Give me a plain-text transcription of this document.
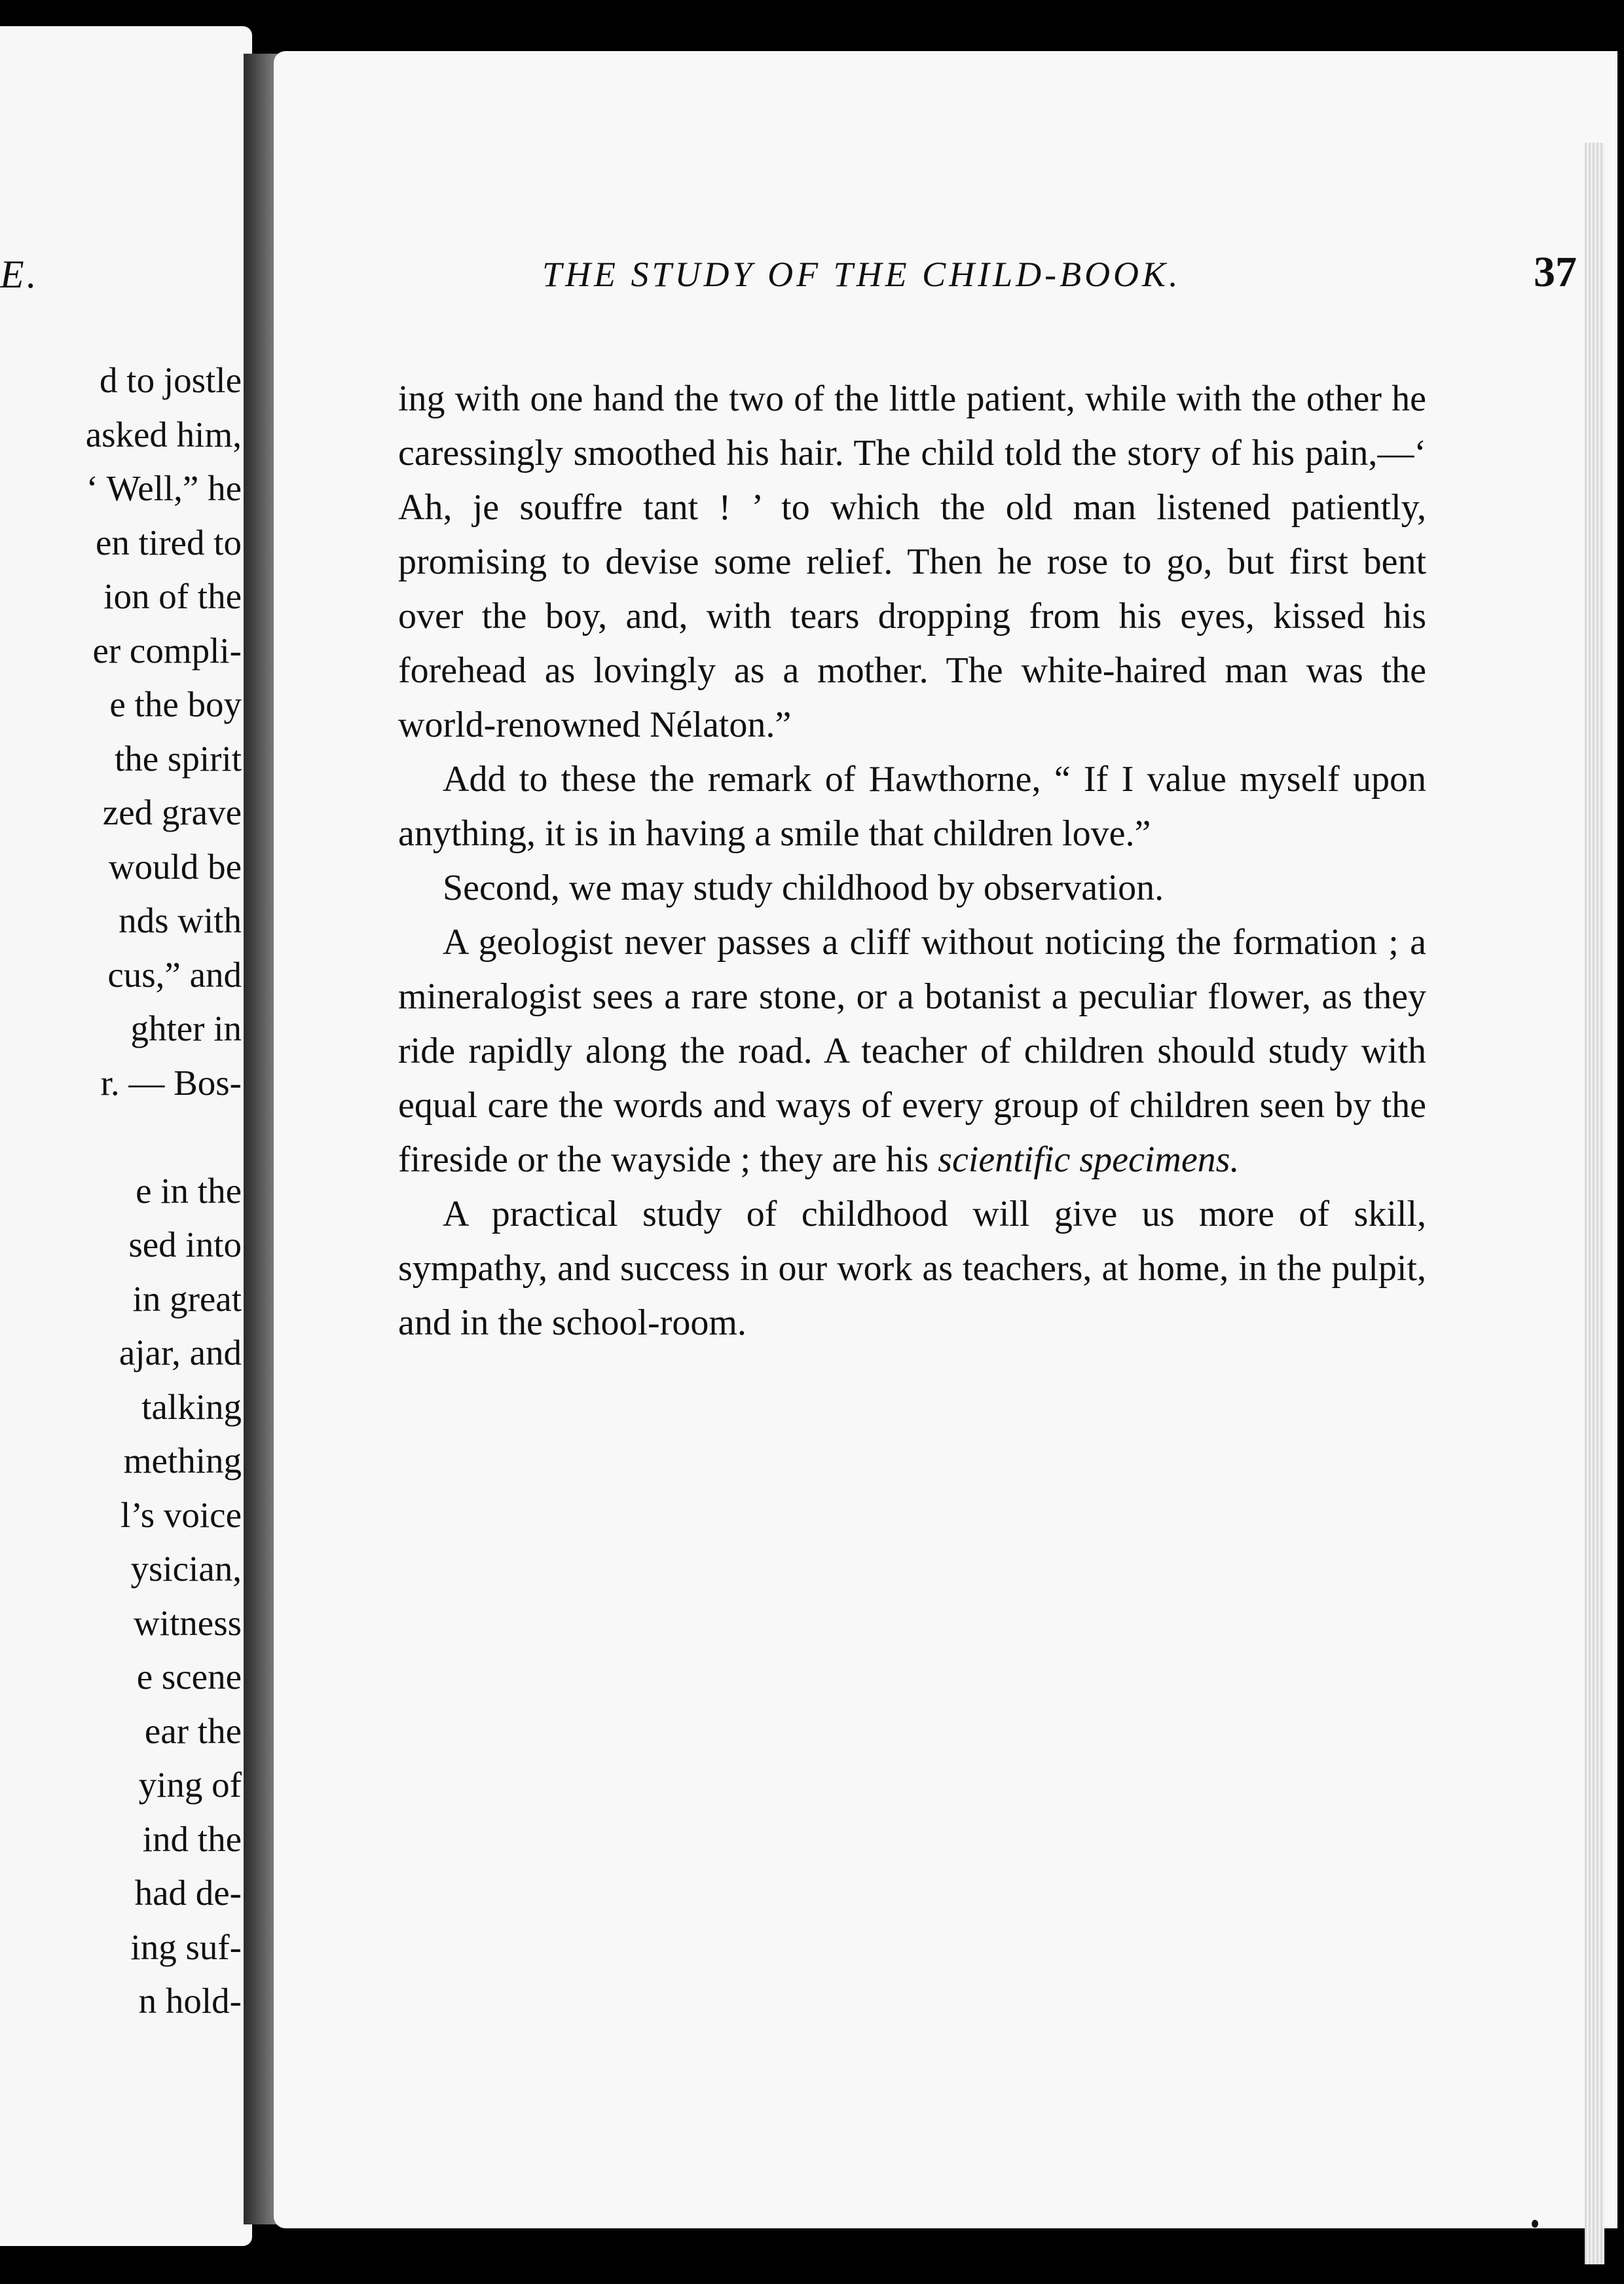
E.
d to jostle
asked him,
‘ Well,” he
en tired to
ion of the
er compli-
e the boy
the spirit
zed grave
would be
nds with
cus,” and
ghter in
r. — Bos-
e in the
sed into
in great
ajar, and
talking
mething
l’s voice
ysician,
witness
e scene
ear the
ying of
ind the
had de-
ing suf-
n hold-
THE STUDY OF THE CHILD-BOOK.	37

ing with one hand the two of the little patient, while with the other he caressingly smoothed his hair. The child told the story of his pain,—‘ Ah, je souffre tant ! ’ to which the old man listened patiently, promising to devise some relief. Then he rose to go, but first bent over the boy, and, with tears dropping from his eyes, kissed his forehead as lovingly as a mother. The white-haired man was the world-renowned Nélaton.”

Add to these the remark of Hawthorne, “ If I value myself upon anything, it is in having a smile that children love.”

Second, we may study childhood by observation.

A geologist never passes a cliff without noticing the formation ; a mineralogist sees a rare stone, or a botanist a peculiar flower, as they ride rapidly along the road. A teacher of children should study with equal care the words and ways of every group of children seen by the fireside or the wayside ; they are his scientific specimens.

A practical study of childhood will give us more of skill, sympathy, and success in our work as teachers, at home, in the pulpit, and in the school-room.
